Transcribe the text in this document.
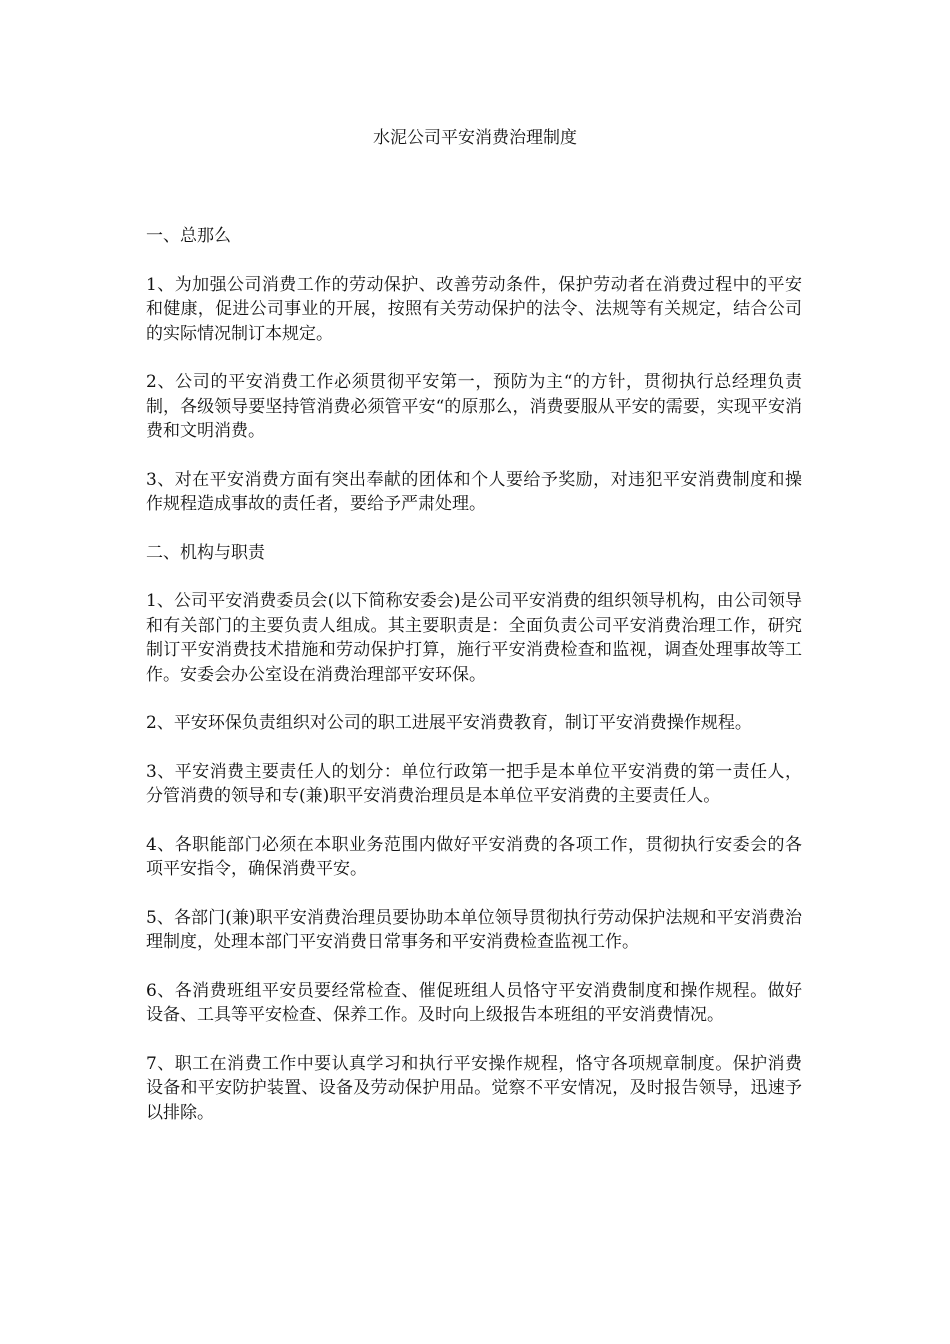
水泥公司平安消费治理制度

一、总那么

1、为加强公司消费工作的劳动保护、改善劳动条件，保护劳动者在消费过程中的平安和健康，促进公司事业的开展，按照有关劳动保护的法令、法规等有关规定，结合公司的实际情况制订本规定。

2、公司的平安消费工作必须贯彻平安第一，预防为主“的方针，贯彻执行总经理负责制，各级领导要坚持管消费必须管平安“的原那么，消费要服从平安的需要，实现平安消费和文明消费。

3、对在平安消费方面有突出奉献的团体和个人要给予奖励，对违犯平安消费制度和操作规程造成事故的责任者，要给予严肃处理。

二、机构与职责

1、公司平安消费委员会(以下简称安委会)是公司平安消费的组织领导机构，由公司领导和有关部门的主要负责人组成。其主要职责是：全面负责公司平安消费治理工作，研究制订平安消费技术措施和劳动保护打算，施行平安消费检查和监视，调查处理事故等工作。安委会办公室设在消费治理部平安环保。

2、平安环保负责组织对公司的职工进展平安消费教育，制订平安消费操作规程。

3、平安消费主要责任人的划分：单位行政第一把手是本单位平安消费的第一责任人，分管消费的领导和专(兼)职平安消费治理员是本单位平安消费的主要责任人。

4、各职能部门必须在本职业务范围内做好平安消费的各项工作，贯彻执行安委会的各项平安指令，确保消费平安。

5、各部门(兼)职平安消费治理员要协助本单位领导贯彻执行劳动保护法规和平安消费治理制度，处理本部门平安消费日常事务和平安消费检查监视工作。

6、各消费班组平安员要经常检查、催促班组人员恪守平安消费制度和操作规程。做好设备、工具等平安检查、保养工作。及时向上级报告本班组的平安消费情况。

7、职工在消费工作中要认真学习和执行平安操作规程，恪守各项规章制度。保护消费设备和平安防护装置、设备及劳动保护用品。觉察不平安情况，及时报告领导，迅速予以排除。
